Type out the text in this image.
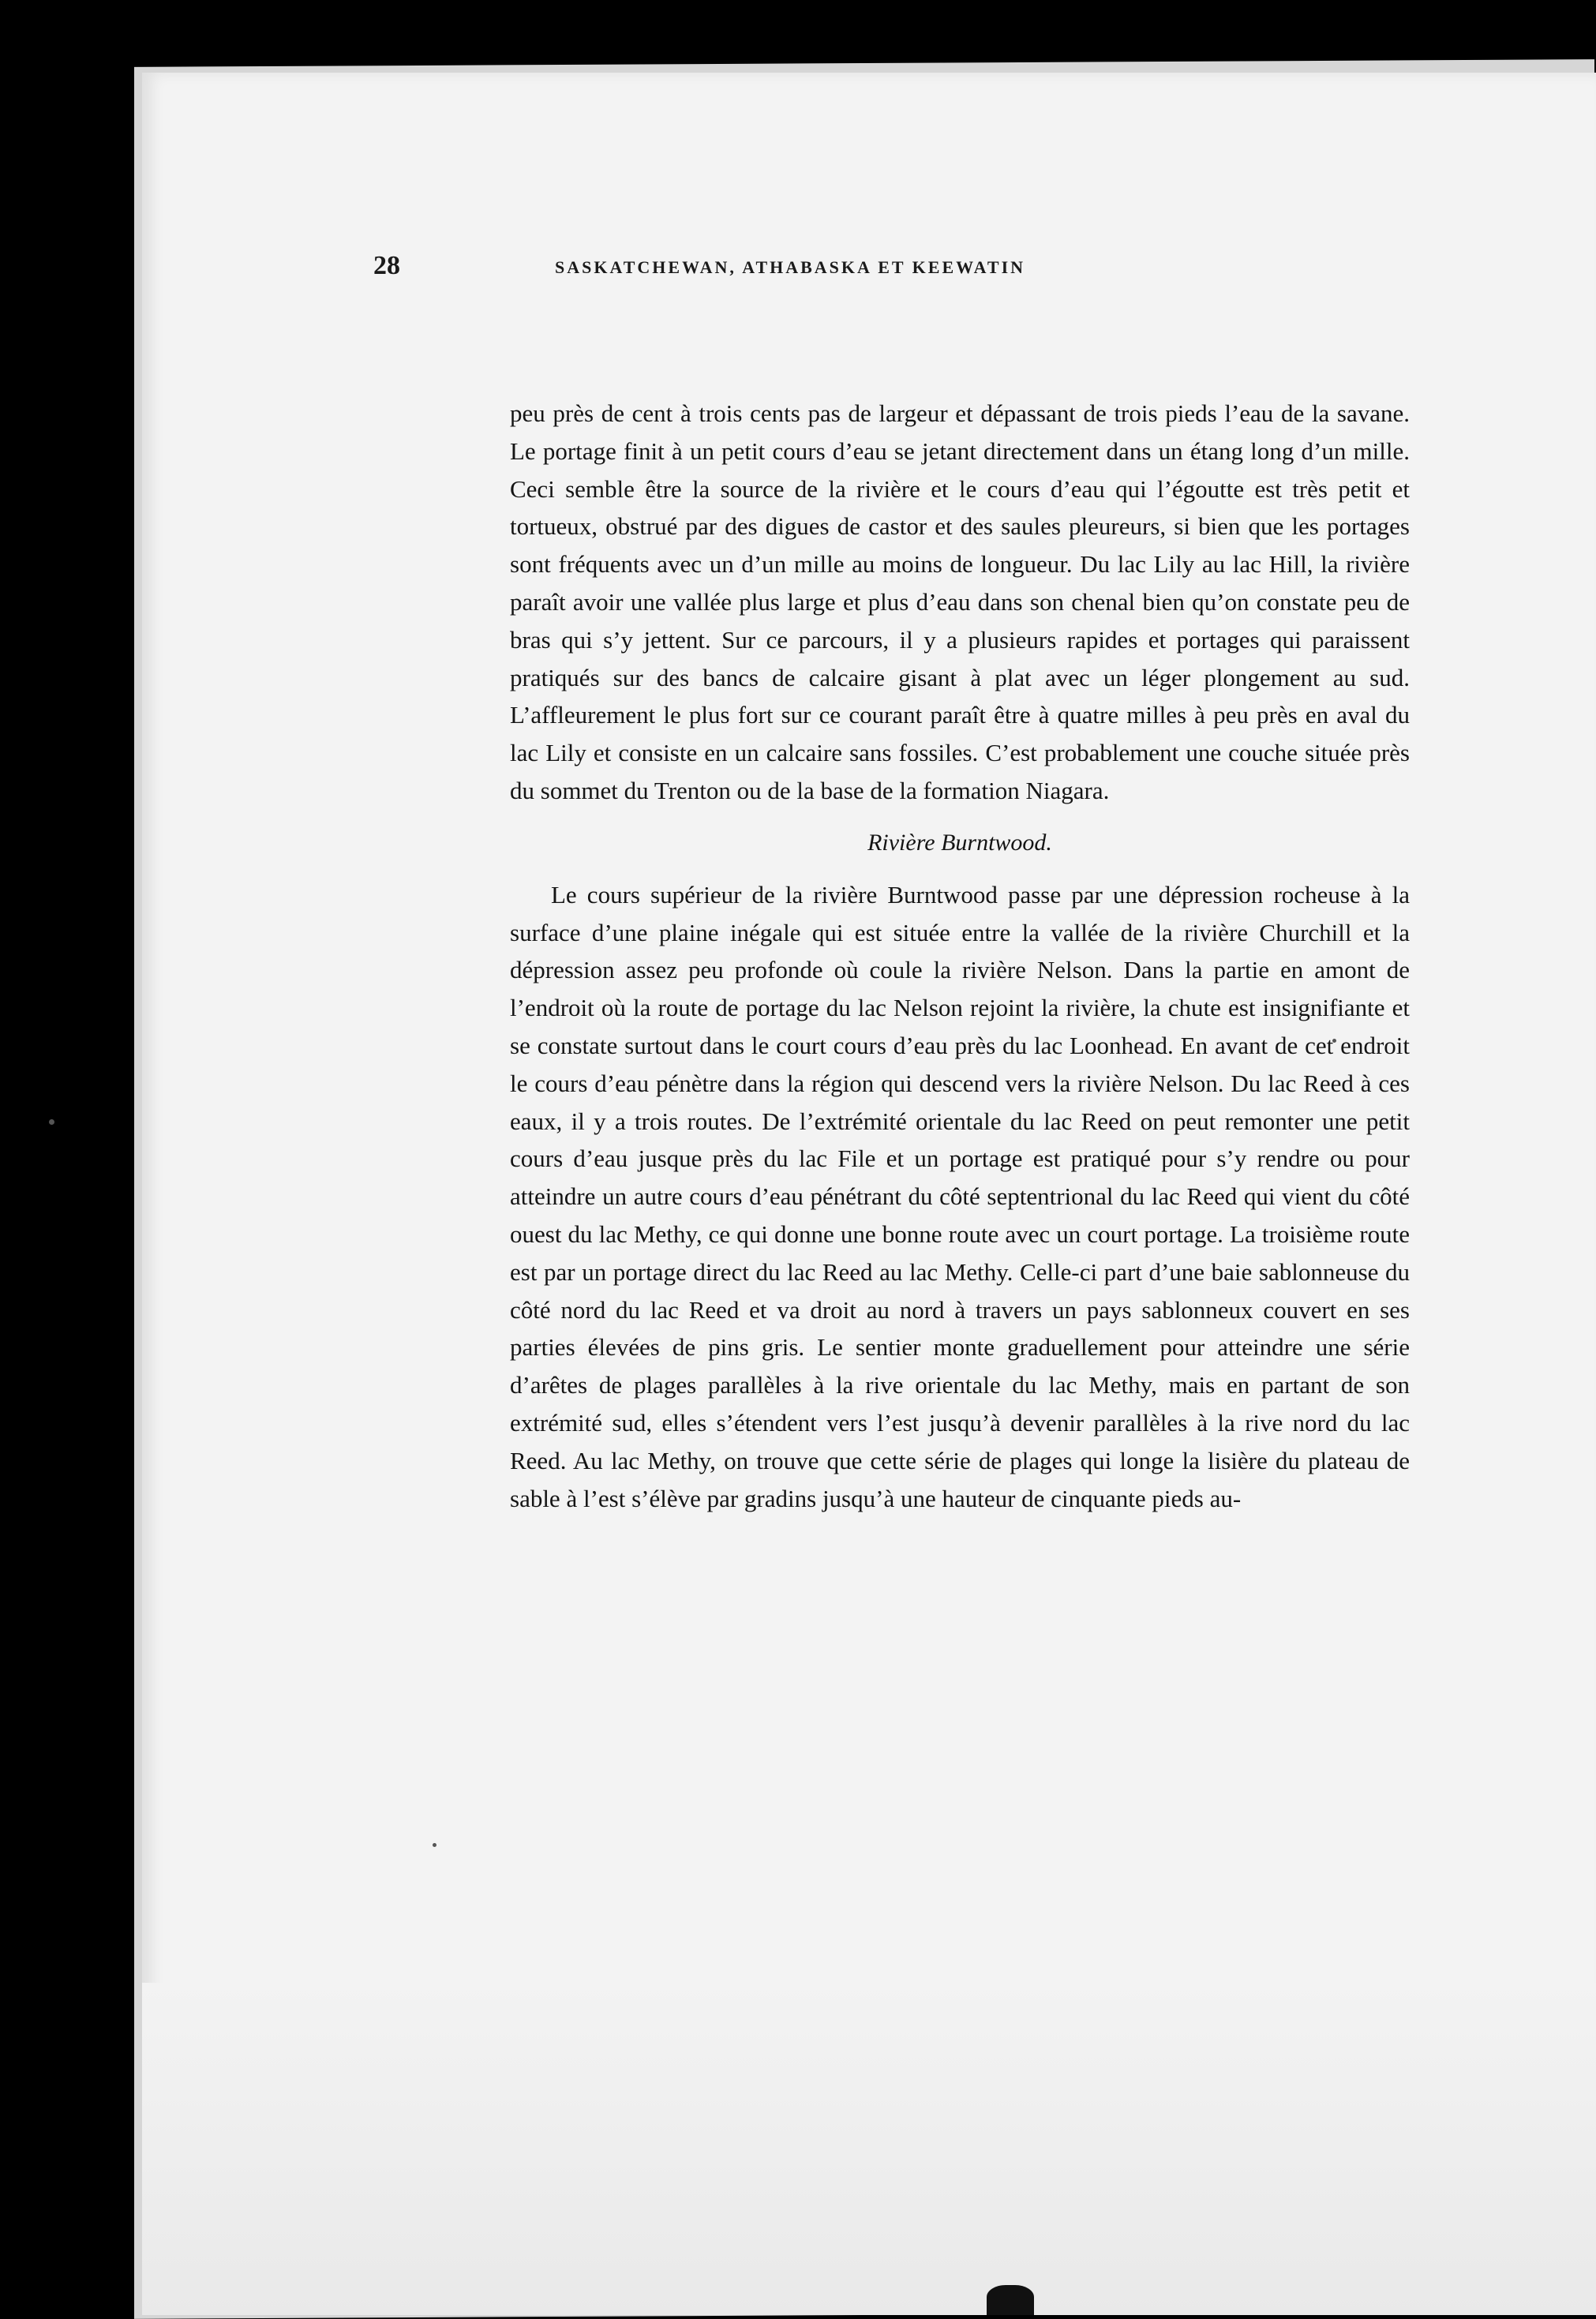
28	SASKATCHEWAN, ATHABASKA ET KEEWATIN

peu près de cent à trois cents pas de largeur et dépassant de trois pieds l’eau de la savane. Le portage finit à un petit cours d’eau se jetant directement dans un étang long d’un mille. Ceci semble être la source de la rivière et le cours d’eau qui l’égoutte est très petit et tortueux, obstrué par des digues de castor et des saules pleureurs, si bien que les portages sont fréquents avec un d’un mille au moins de longueur. Du lac Lily au lac Hill, la rivière paraît avoir une vallée plus large et plus d’eau dans son chenal bien qu’on constate peu de bras qui s’y jettent. Sur ce parcours, il y a plusieurs rapides et portages qui paraissent pratiqués sur des bancs de calcaire gisant à plat avec un léger plongement au sud. L’affleurement le plus fort sur ce courant paraît être à quatre milles à peu près en aval du lac Lily et consiste en un calcaire sans fossiles. C’est probablement une couche située près du sommet du Trenton ou de la base de la formation Niagara.

Rivière Burntwood.

Le cours supérieur de la rivière Burntwood passe par une dépression rocheuse à la surface d’une plaine inégale qui est située entre la vallée de la rivière Churchill et la dépression assez peu profonde où coule la rivière Nelson. Dans la partie en amont de l’endroit où la route de portage du lac Nelson rejoint la rivière, la chute est insignifiante et se constate surtout dans le court cours d’eau près du lac Loonhead. En avant de cet endroit le cours d’eau pénètre dans la région qui descend vers la rivière Nelson. Du lac Reed à ces eaux, il y a trois routes. De l’extrémité orientale du lac Reed on peut remonter une petit cours d’eau jusque près du lac File et un portage est pratiqué pour s’y rendre ou pour atteindre un autre cours d’eau pénétrant du côté septentrional du lac Reed qui vient du côté ouest du lac Methy, ce qui donne une bonne route avec un court portage. La troisième route est par un portage direct du lac Reed au lac Methy. Celle-ci part d’une baie sablonneuse du côté nord du lac Reed et va droit au nord à travers un pays sablonneux couvert en ses parties élevées de pins gris. Le sentier monte graduellement pour atteindre une série d’arêtes de plages parallèles à la rive orientale du lac Methy, mais en partant de son extrémité sud, elles s’étendent vers l’est jusqu’à devenir parallèles à la rive nord du lac Reed. Au lac Methy, on trouve que cette série de plages qui longe la lisière du plateau de sable à l’est s’élève par gradins jusqu’à une hauteur de cinquante pieds au-
